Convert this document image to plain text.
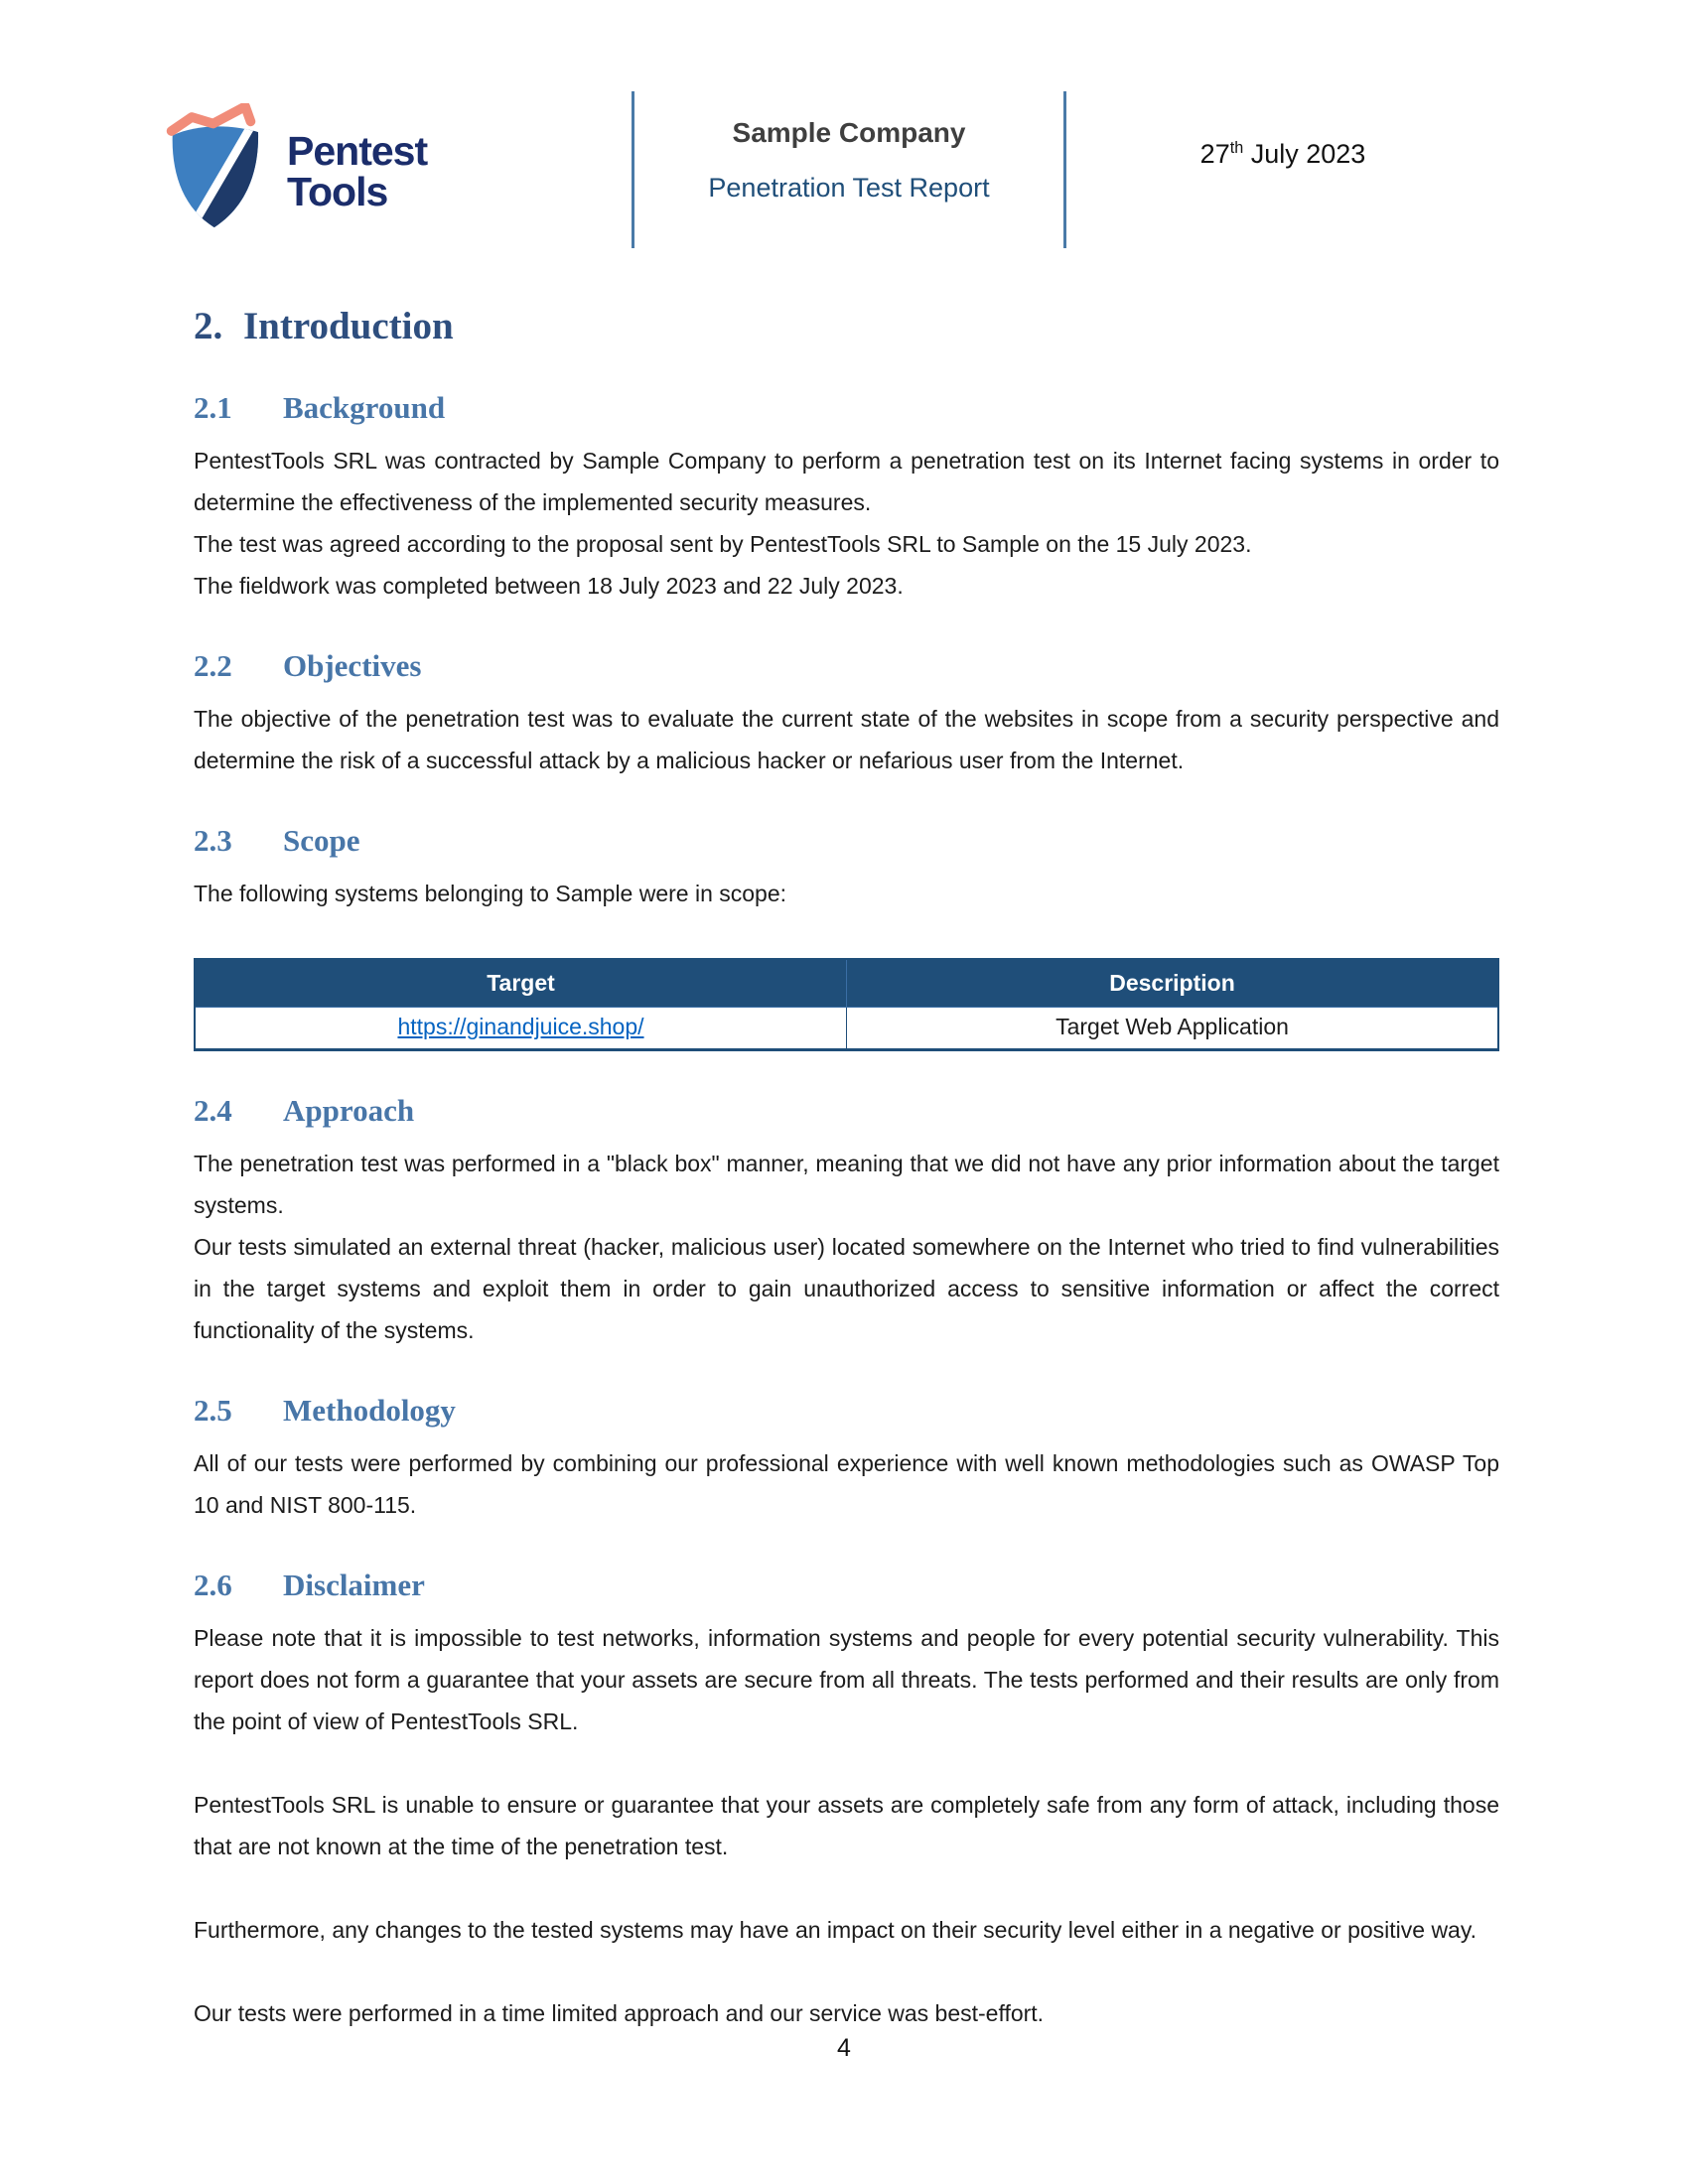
Pentest
Tools
Sample Company
Penetration Test Report
27th July 2023
2. Introduction
2.1 Background

PentestTools SRL was contracted by Sample Company to perform a penetration test on its Internet facing systems in order to determine the effectiveness of the implemented security measures.

The test was agreed according to the proposal sent by PentestTools SRL to Sample on the 15 July 2023.

The fieldwork was completed between 18 July 2023 and 22 July 2023.

2.2 Objectives

The objective of the penetration test was to evaluate the current state of the websites in scope from a security perspective and determine the risk of a successful attack by a malicious hacker or nefarious user from the Internet.

2.3 Scope

The following systems belonging to Sample were in scope:

Target	Description
https://ginandjuice.shop/	Target Web Application
2.4 Approach

The penetration test was performed in a "black box" manner, meaning that we did not have any prior information about the target systems.

Our tests simulated an external threat (hacker, malicious user) located somewhere on the Internet who tried to find vulnerabilities in the target systems and exploit them in order to gain unauthorized access to sensitive information or affect the correct functionality of the systems.

2.5 Methodology

All of our tests were performed by combining our professional experience with well known methodologies such as OWASP Top 10 and NIST 800-115.

2.6 Disclaimer

Please note that it is impossible to test networks, information systems and people for every potential security vulnerability. This report does not form a guarantee that your assets are secure from all threats. The tests performed and their results are only from the point of view of PentestTools SRL.

PentestTools SRL is unable to ensure or guarantee that your assets are completely safe from any form of attack, including those that are not known at the time of the penetration test.

Furthermore, any changes to the tested systems may have an impact on their security level either in a negative or positive way.

Our tests were performed in a time limited approach and our service was best-effort.

4
